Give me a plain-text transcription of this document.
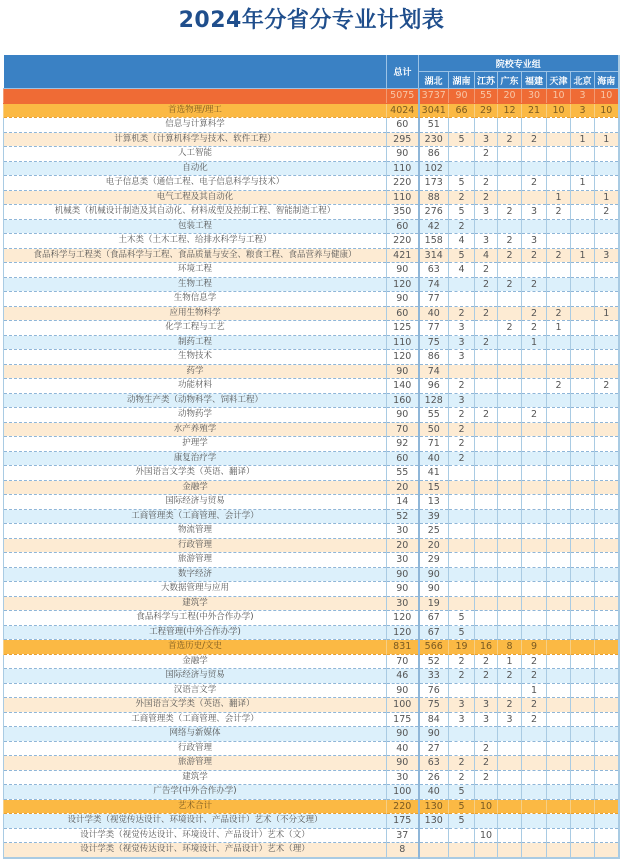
2024年分省分专业计划表
	总计	院校专业组							
		湖北	湖南	江苏	广东	福建	天津	北京	海南
	5075	3737	90	55	20	30	10	3	10
首选物理/理工	4024	3041	66	29	12	21	10	3	10
信息与计算科学	60	51							
计算机类（计算机科学与技术、软件工程）	295	230	5	3	2	2		1	1
人工智能	90	86		2					
自动化	110	102							
电子信息类（通信工程、电子信息科学与技术）	220	173	5	2		2		1	
电气工程及其自动化	110	88	2	2			1		1
机械类（机械设计制造及其自动化、材料成型及控制工程、智能制造工程）	350	276	5	3	2	3	2		2
包装工程	60	42	2						
土木类（土木工程、给排水科学与工程）	220	158	4	3	2	3			
食品科学与工程类（食品科学与工程、食品质量与安全、粮食工程、食品营养与健康）	421	314	5	4	2	2	2	1	3
环境工程	90	63	4	2					
生物工程	120	74		2	2	2			
生物信息学	90	77							
应用生物科学	60	40	2	2		2	2		1
化学工程与工艺	125	77	3		2	2	1		
制药工程	110	75	3	2		1			
生物技术	120	86	3						
药学	90	74							
功能材料	140	96	2				2		2
动物生产类（动物科学、饲料工程）	160	128	3						
动物药学	90	55	2	2		2			
水产养殖学	70	50	2						
护理学	92	71	2						
康复治疗学	60	40	2						
外国语言文学类（英语、翻译）	55	41							
金融学	20	15							
国际经济与贸易	14	13							
工商管理类（工商管理、会计学）	52	39							
物流管理	30	25							
行政管理	20	20							
旅游管理	30	29							
数字经济	90	90							
大数据管理与应用	90	90							
建筑学	30	19							
食品科学与工程(中外合作办学)	120	67	5						
工程管理(中外合作办学)	120	67	5						
首选历史/文史	831	566	19	16	8	9			
金融学	70	52	2	2	1	2			
国际经济与贸易	46	33	2	2	2	2			
汉语言文学	90	76				1			
外国语言文学类（英语、翻译）	100	75	3	3	2	2			
工商管理类（工商管理、会计学）	175	84	3	3	3	2			
网络与新媒体	90	90							
行政管理	40	27		2					
旅游管理	90	63	2	2					
建筑学	30	26	2	2					
广告学(中外合作办学)	100	40	5						
艺术合计	220	130	5	10					
设计学类（视觉传达设计、环境设计、产品设计）艺术（不分文理）	175	130	5						
设计学类（视觉传达设计、环境设计、产品设计）艺术（文）	37			10					
设计学类（视觉传达设计、环境设计、产品设计）艺术（理）	8								
